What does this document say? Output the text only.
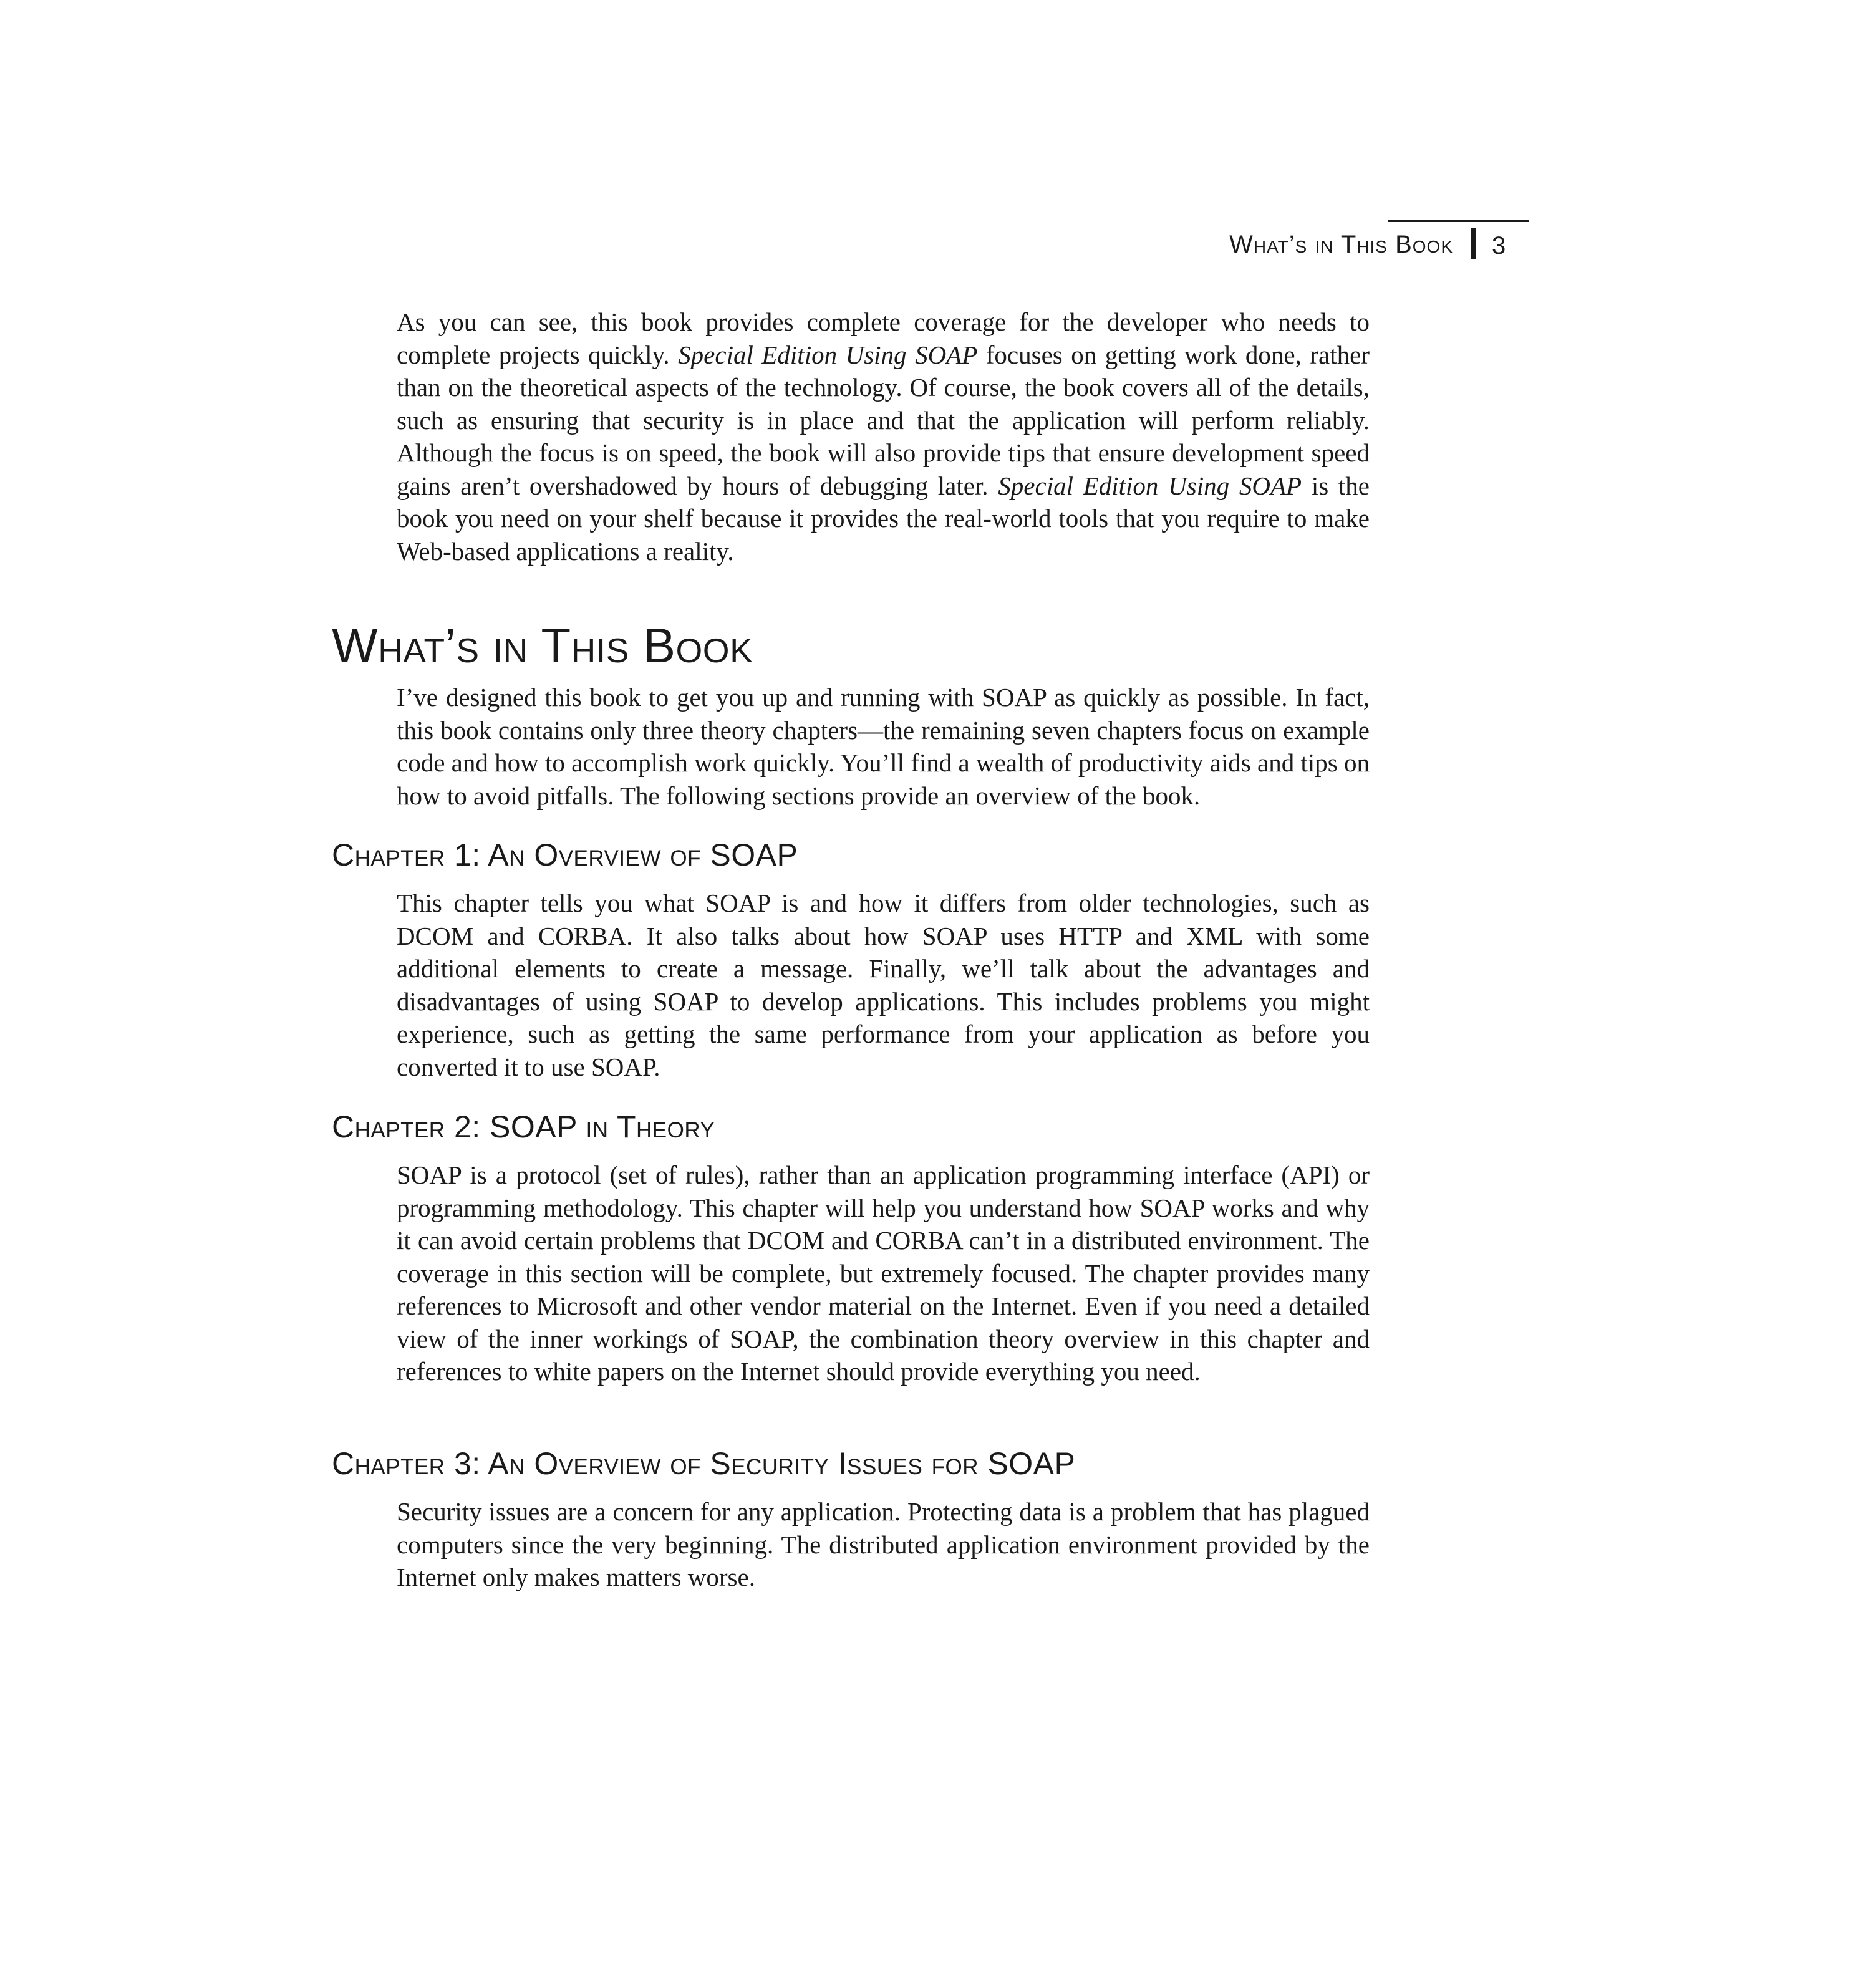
What’s in This Book 3

As you can see, this book provides complete coverage for the developer who needs to complete projects quickly. Special Edition Using SOAP focuses on getting work done, rather than on the theoretical aspects of the technology. Of course, the book covers all of the details, such as ensuring that security is in place and that the application will perform reliably. Although the focus is on speed, the book will also provide tips that ensure development speed gains aren’t overshadowed by hours of debugging later. Special Edition Using SOAP is the book you need on your shelf because it provides the real-world tools that you require to make Web-based applications a reality.

What’s in This Book

I’ve designed this book to get you up and running with SOAP as quickly as possible. In fact, this book contains only three theory chapters—the remaining seven chapters focus on example code and how to accomplish work quickly. You’ll find a wealth of productivity aids and tips on how to avoid pitfalls. The following sections provide an overview of the book.

Chapter 1: An Overview of SOAP

This chapter tells you what SOAP is and how it differs from older technologies, such as DCOM and CORBA. It also talks about how SOAP uses HTTP and XML with some additional elements to create a message. Finally, we’ll talk about the advantages and disadvantages of using SOAP to develop applications. This includes problems you might experience, such as getting the same performance from your application as before you converted it to use SOAP.

Chapter 2: SOAP in Theory

SOAP is a protocol (set of rules), rather than an application programming interface (API) or programming methodology. This chapter will help you understand how SOAP works and why it can avoid certain problems that DCOM and CORBA can’t in a distributed environment. The coverage in this section will be complete, but extremely focused. The chapter provides many references to Microsoft and other vendor material on the Internet. Even if you need a detailed view of the inner workings of SOAP, the combination theory overview in this chapter and references to white papers on the Internet should provide everything you need.

Chapter 3: An Overview of Security Issues for SOAP

Security issues are a concern for any application. Protecting data is a problem that has plagued computers since the very beginning. The distributed application environment provided by the Internet only makes matters worse.
